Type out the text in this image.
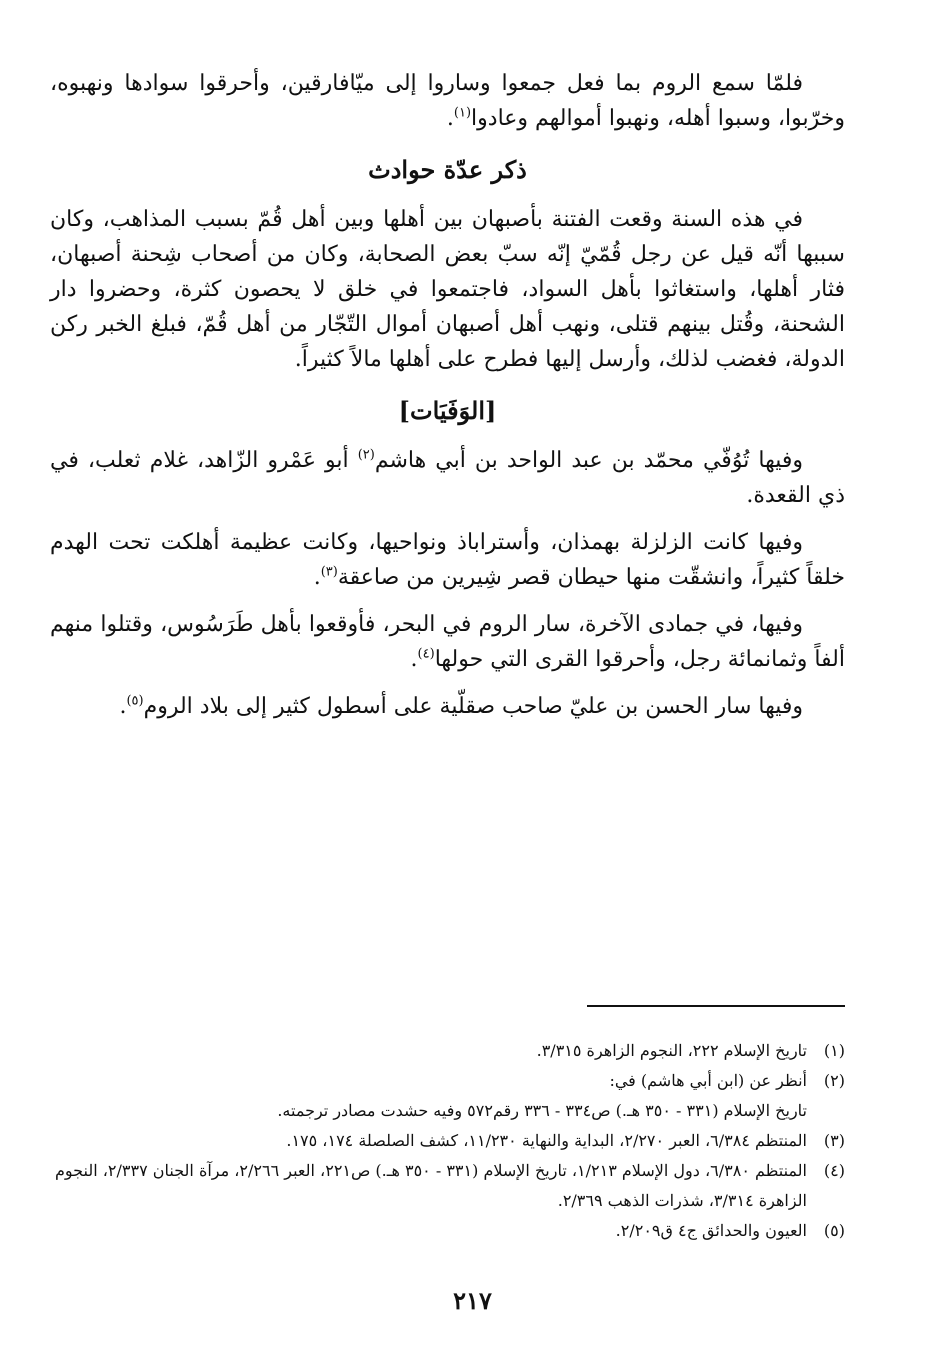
فلمّا سمع الروم بما فعل جمعوا وساروا إلى ميّافارقين، وأحرقوا سوادها ونهبوه، وخرّبوا، وسبوا أهله، ونهبوا أموالهم وعادوا$^{(١)}$.

ذكر عدّة حوادث

في هذه السنة وقعت الفتنة بأصبهان بين أهلها وبين أهل قُمّ بسبب المذاهب، وكان سببها أنّه قيل عن رجل قُمّيّ إنّه سبّ بعض الصحابة، وكان من أصحاب شِحنة أصبهان، فثار أهلها، واستغاثوا بأهل السواد، فاجتمعوا في خلق لا يحصون كثرة، وحضروا دار الشحنة، وقُتل بينهم قتلى، ونهب أهل أصبهان أموال التّجّار من أهل قُمّ، فبلغ الخبر ركن الدولة، فغضب لذلك، وأرسل إليها فطرح على أهلها مالاً كثيراً.

[الوَفَيَات]

وفيها تُوُفّي محمّد بن عبد الواحد بن أبي هاشم$^{(٢)}$ أبو عَمْرو الزّاهد، غلام ثعلب، في ذي القعدة.

وفيها كانت الزلزلة بهمذان، وأستراباذ ونواحيها، وكانت عظيمة أهلكت تحت الهدم خلقاً كثيراً، وانشقّت منها حيطان قصر شِيرين من صاعقة$^{(٣)}$.

وفيها، في جمادى الآخرة، سار الروم في البحر، فأوقعوا بأهل طَرَسُوس، وقتلوا منهم ألفاً وثمانمائة رجل، وأحرقوا القرى التي حولها$^{(٤)}$.

وفيها سار الحسن بن عليّ صاحب صقلّية على أسطول كثير إلى بلاد الروم$^{(٥)}$.

(١)
تاريخ الإسلام ٢٢٢، النجوم الزاهرة ٣/٣١٥.
(٢)
أنظر عن (ابن أبي هاشم) في:
تاريخ الإسلام (٣٣١ - ٣٥٠ هـ.) ص٣٣٤ - ٣٣٦ رقم٥٧٢ وفيه حشدت مصادر ترجمته.
(٣)
المنتظم ٦/٣٨٤، العبر ٢/٢٧٠، البداية والنهاية ١١/٢٣٠، كشف الصلصلة ١٧٤، ١٧٥.
(٤)
المنتظم ٦/٣٨٠، دول الإسلام ١/٢١٣، تاريخ الإسلام (٣٣١ - ٣٥٠ هـ.) ص٢٢١، العبر ٢/٢٦٦، مرآة الجنان ٢/٣٣٧، النجوم الزاهرة ٣/٣١٤، شذرات الذهب ٢/٣٦٩.
(٥)
العيون والحدائق ج٤ ق٢/٢٠٩.
٢١٧
